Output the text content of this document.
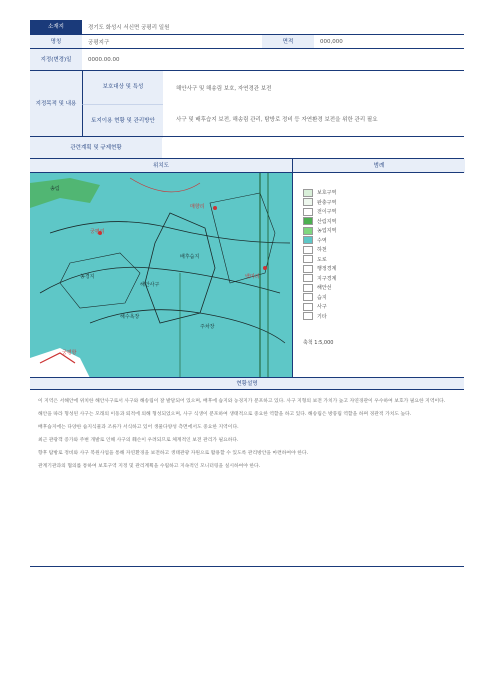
소재지	경기도 화성시 서신면 궁평리 일원
명칭	궁평지구	면적	000,000
지정(변경)일	0000.00.00
지정목적 및 내용
보호대상 및 특성	해안사구 및 해송림 보호, 자연경관 보전
토지이용 현황 및 관리방안	사구 및 배후습지 보전, 해송림 관리, 탐방로 정비 등 자연환경 보전을 위한 관리 필요
관련계획 및 규제현황
위치도	범례
궁평항
궁평리
매향리
백미리
해안사구
배후습지
농경지
송림
주차장
해수욕장
보호구역
완충구역
전이구역
산림지역
농업지역
수역
하천
도로
행정경계
지구경계
해안선
습지
사구
기타
축척 1:5,000
현황설명

이 지역은 서해안에 위치한 해안사구로서 사구와 해송림이 잘 발달되어 있으며, 배후에 습지와 농경지가 분포하고 있다. 사구 지형의 보전 가치가 높고 자연경관이 우수하여 보호가 필요한 지역이다.

해안을 따라 형성된 사구는 모래의 이동과 퇴적에 의해 형성되었으며, 사구 식생이 분포하여 생태적으로 중요한 역할을 하고 있다. 해송림은 방풍림 역할을 하며 경관적 가치도 높다.

배후습지에는 다양한 습지식물과 조류가 서식하고 있어 생물다양성 측면에서도 중요한 지역이다.

최근 관광객 증가와 주변 개발로 인해 사구의 훼손이 우려되므로 체계적인 보전 관리가 필요하다.

향후 탐방로 정비와 사구 복원사업을 통해 자연환경을 보전하고 생태관광 자원으로 활용할 수 있도록 관리방안을 마련하여야 한다.

관계기관과의 협의를 통하여 보호구역 지정 및 관리계획을 수립하고 지속적인 모니터링을 실시하여야 한다.
